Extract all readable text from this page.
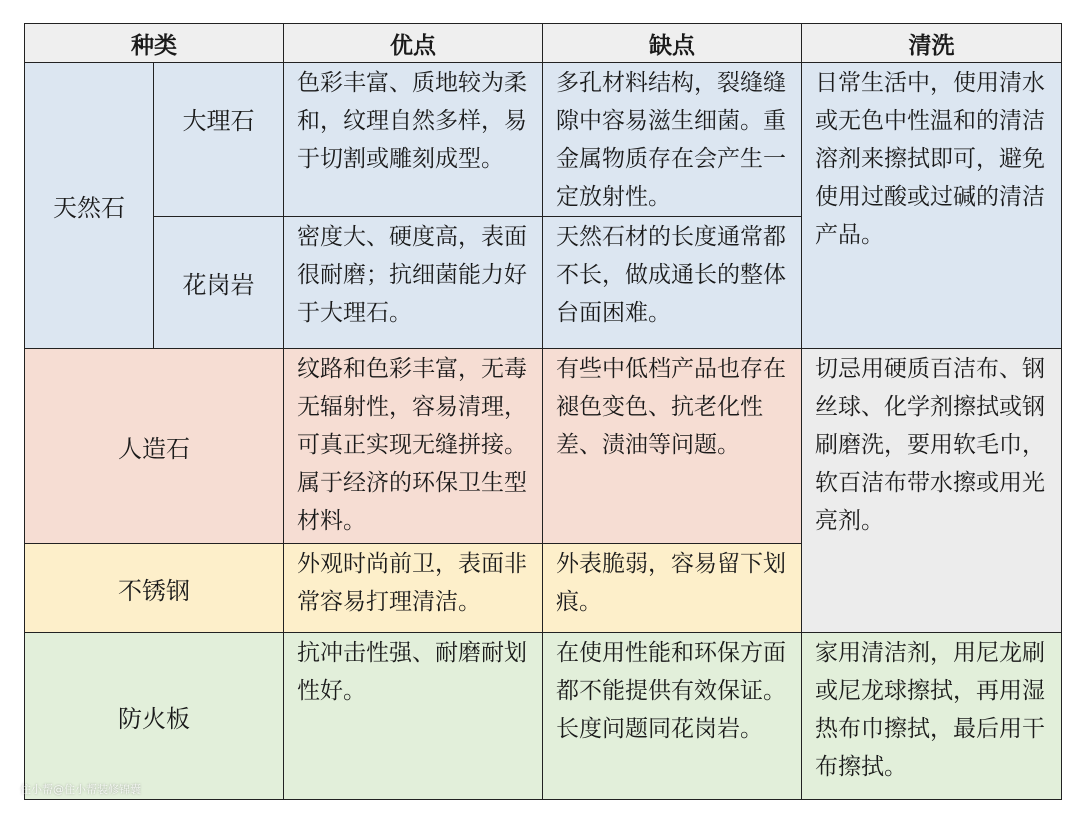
种类		优点	缺点	清洗
天然石	大理石	色彩丰富、质地较为柔和，纹理自然多样，易于切割或雕刻成型。	多孔材料结构，裂缝缝隙中容易滋生细菌。重金属物质存在会产生一定放射性。	日常生活中，使用清水或无色中性温和的清洁溶剂来擦拭即可，避免使用过酸或过碱的清洁产品。

	花岗岩	密度大、硬度高，表面很耐磨；抗细菌能力好于大理石。	天然石材的长度通常都不长，做成通长的整体台面困难。	

人造石		纹路和色彩丰富，无毒无辐射性，容易清理，可真正实现无缝拼接。属于经济的环保卫生型材料。	有些中低档产品也存在褪色变色、抗老化性差、渍油等问题。	切忌用硬质百洁布、钢丝球、化学剂擦拭或钢刷磨洗，要用软毛巾，软百洁布带水擦或用光亮剂。

不锈钢		外观时尚前卫，表面非常容易打理清洁。	外表脆弱，容易留下划痕。	

防火板		抗冲击性强、耐磨耐划性好。	在使用性能和环保方面都不能提供有效保证。长度问题同花岗岩。	家用清洁剂，用尼龙刷或尼龙球擦拭，再用湿热布巾擦拭，最后用干布擦拭。
住小帮@住小帮装修锦囊
